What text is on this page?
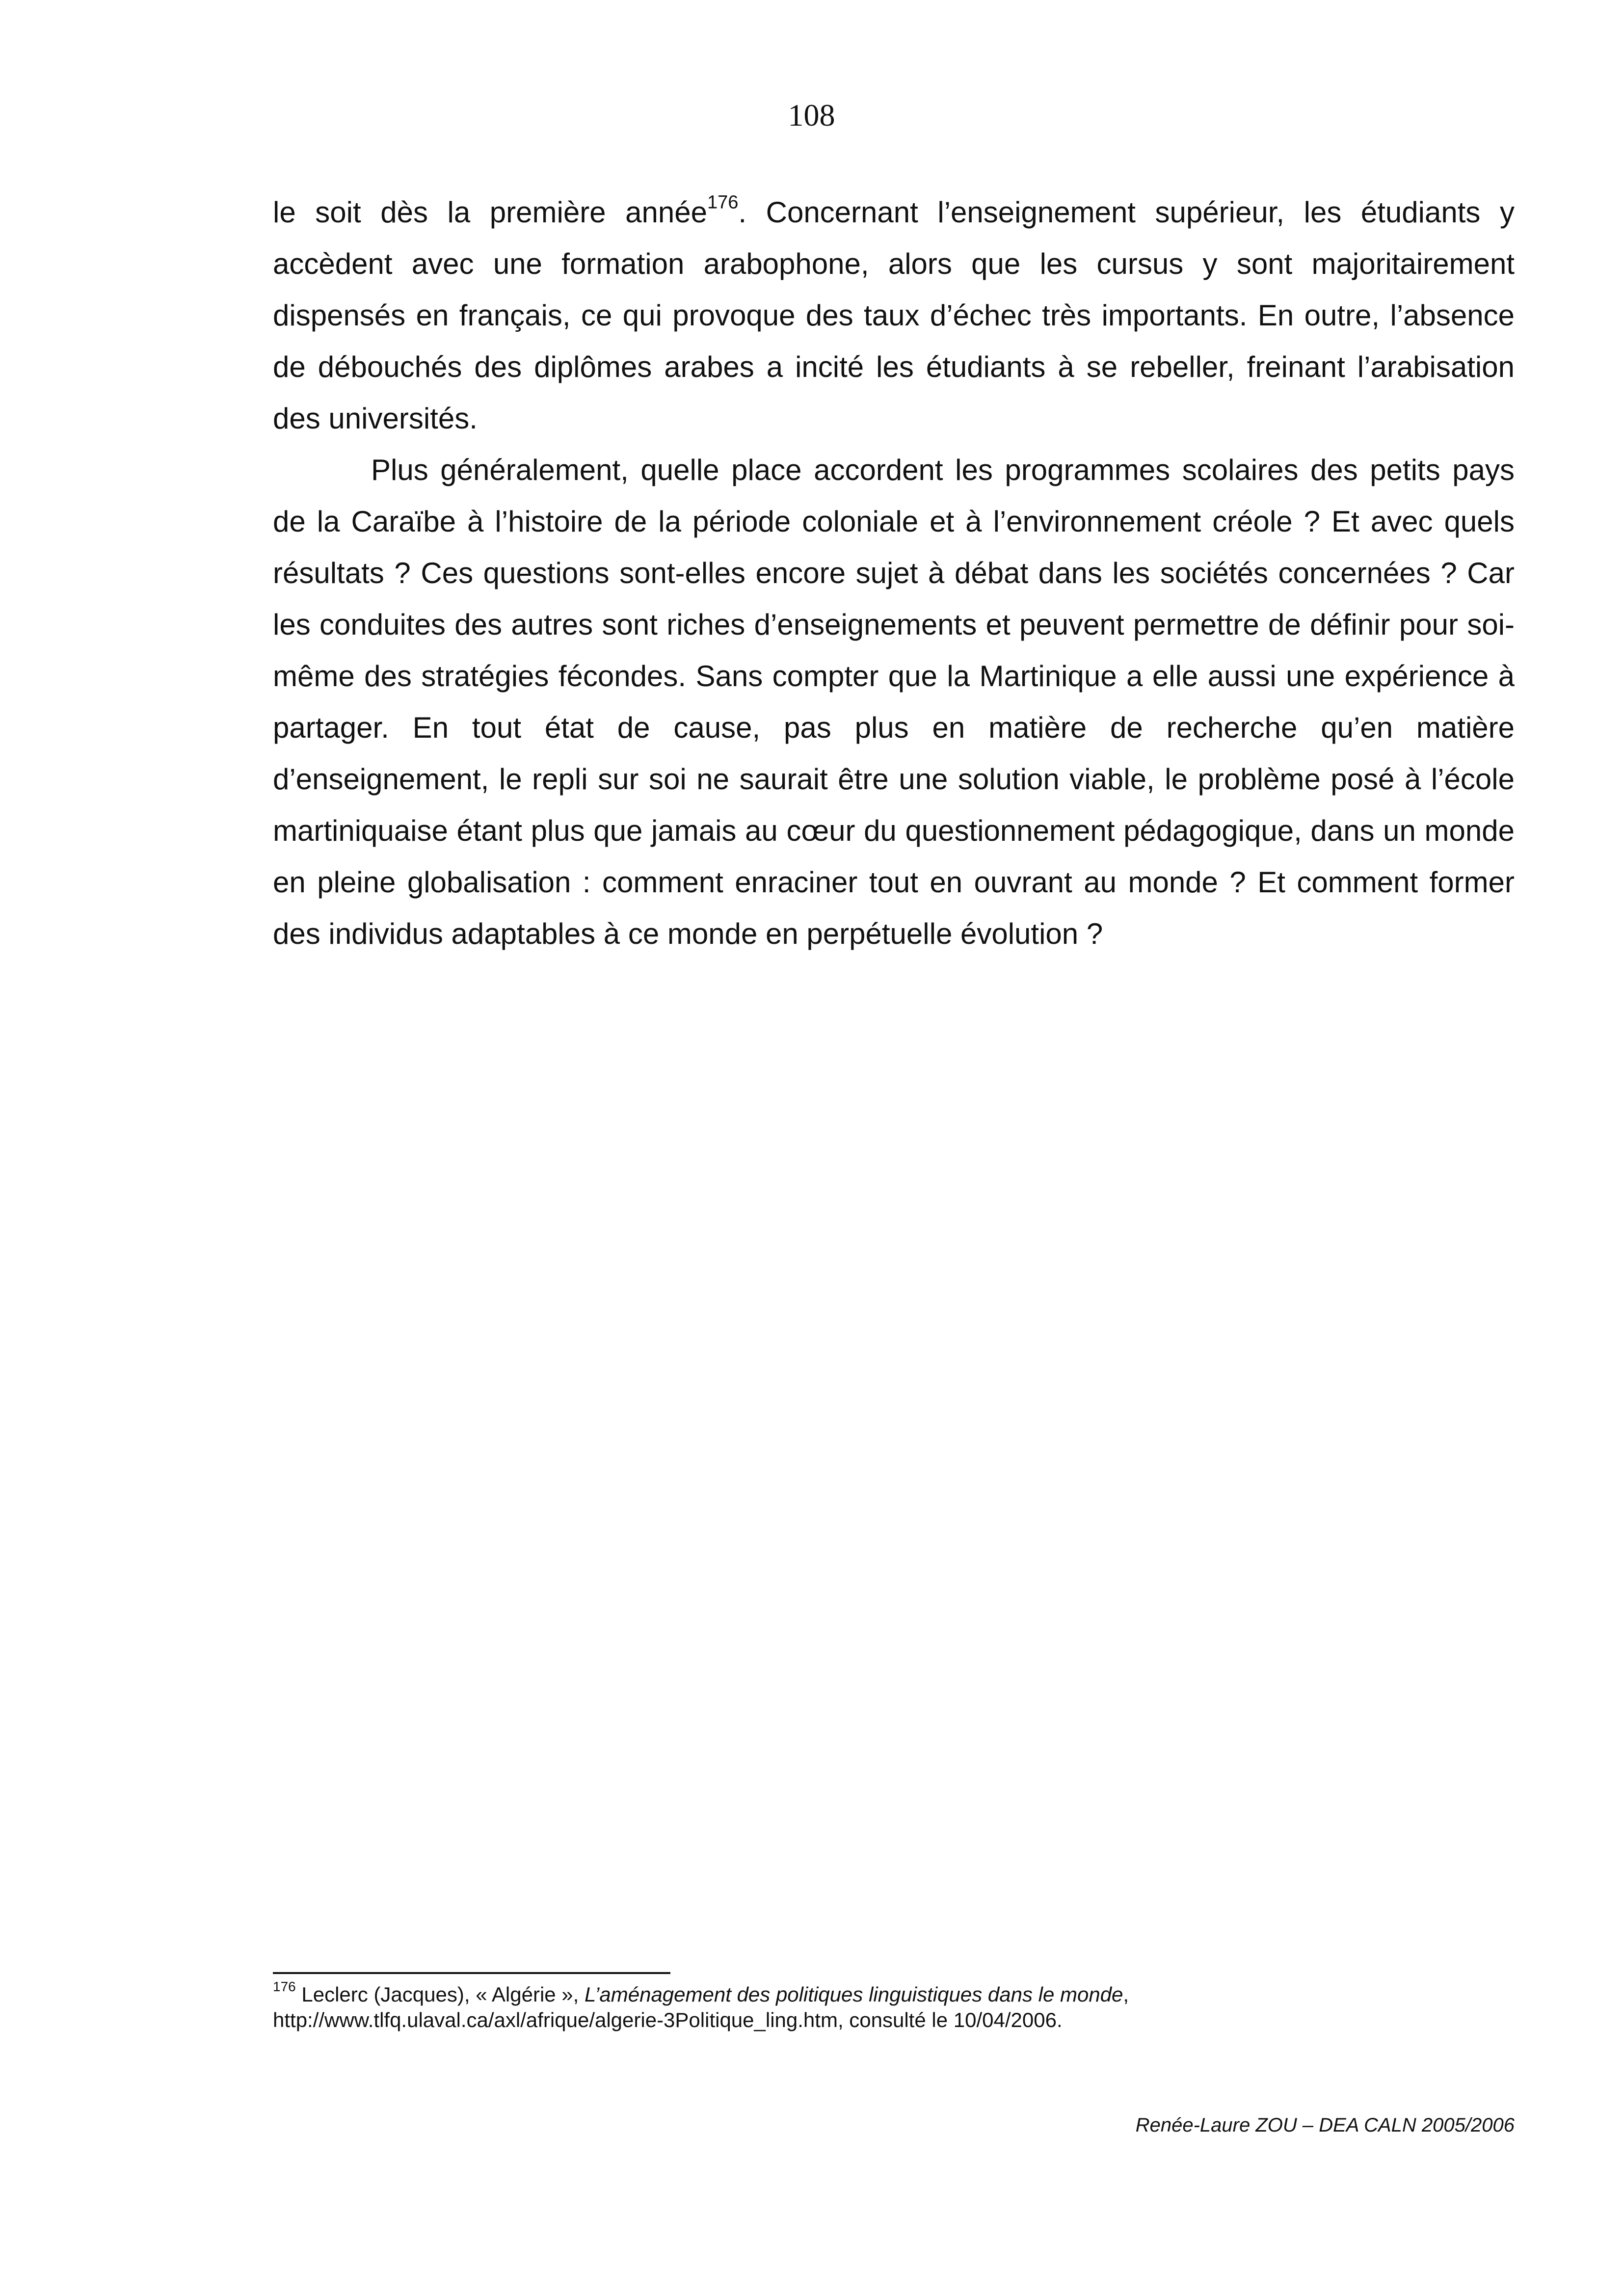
108

le soit dès la première année$^{176}$. Concernant l’enseignement supérieur, les étudiants y accèdent avec une formation arabophone, alors que les cursus y sont majoritairement dispensés en français, ce qui provoque des taux d’échec très importants. En outre, l’absence de débouchés des diplômes arabes a incité les étudiants à se rebeller, freinant l’arabisation des universités.

Plus généralement, quelle place accordent les programmes scolaires des petits pays de la Caraïbe à l’histoire de la période coloniale et à l’environnement créole ? Et avec quels résultats ? Ces questions sont-elles encore sujet à débat dans les sociétés concernées ? Car les conduites des autres sont riches d’enseignements et peuvent permettre de définir pour soi-même des stratégies fécondes. Sans compter que la Martinique a elle aussi une expérience à partager. En tout état de cause, pas plus en matière de recherche qu’en matière d’enseignement, le repli sur soi ne saurait être une solution viable, le problème posé à l’école martiniquaise étant plus que jamais au cœur du questionnement pédagogique, dans un monde en pleine globalisation : comment enraciner tout en ouvrant au monde ? Et comment former des individus adaptables à ce monde en perpétuelle évolution ?

$^{176}$ Leclerc (Jacques), « Algérie », L’aménagement des politiques linguistiques dans le monde, http://www.tlfq.ulaval.ca/axl/afrique/algerie-3Politique_ling.htm, consulté le 10/04/2006.

Renée-Laure ZOU – DEA CALN 2005/2006
